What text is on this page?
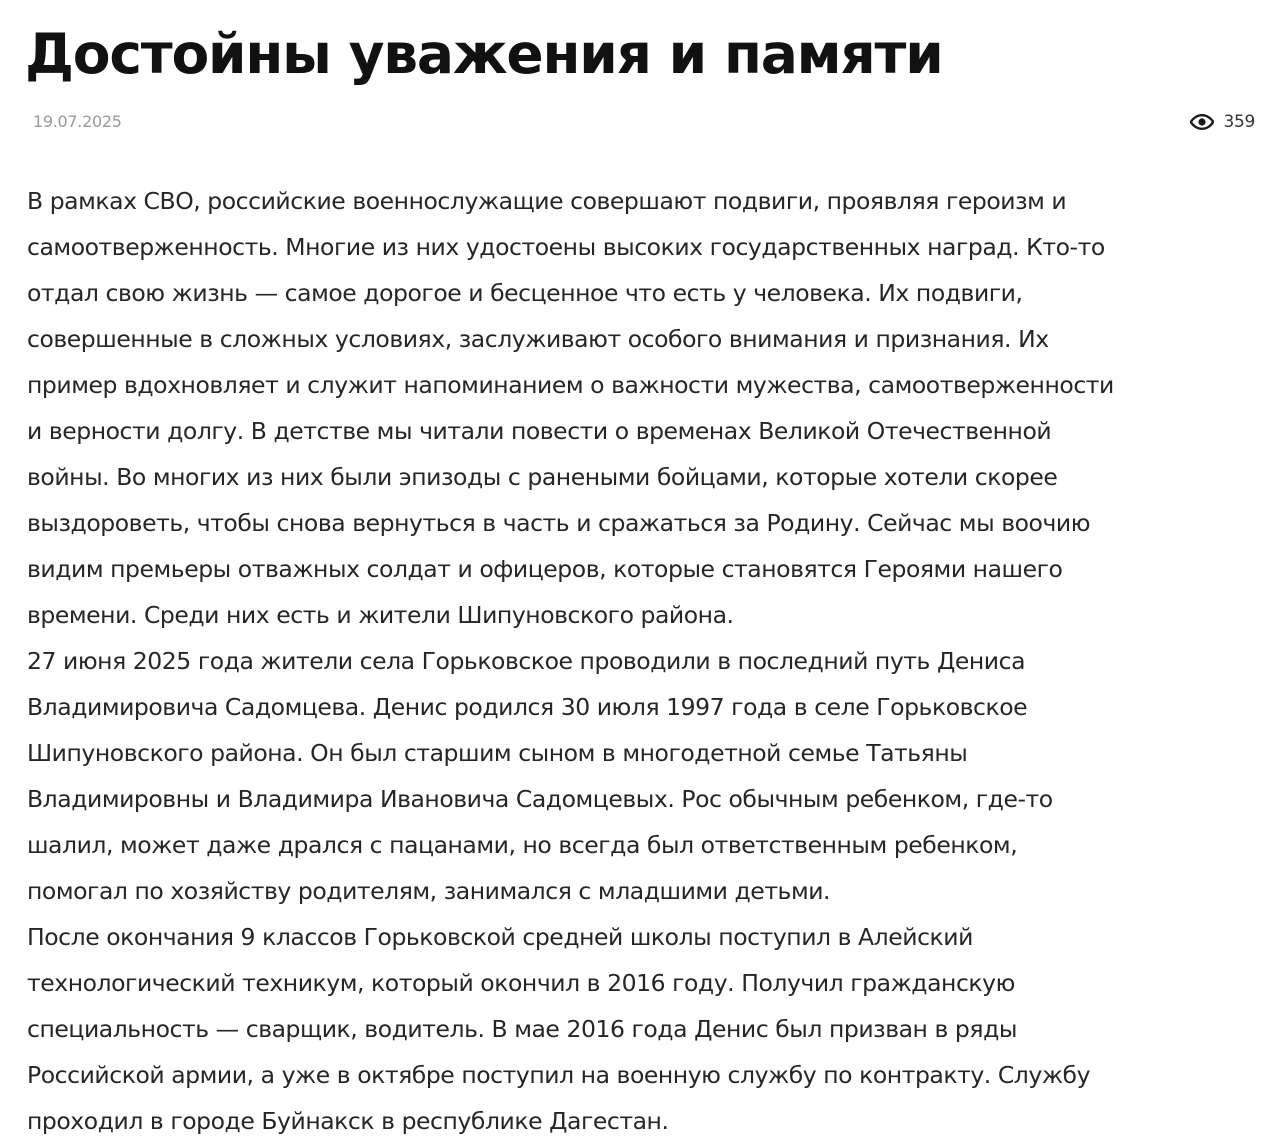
Достойны уважения и памяти
19.07.2025	359

В рамках СВО, российские военнослужащие совершают подвиги, проявляя героизм и
самоотверженность. Многие из них удостоены высоких государственных наград. Кто-то
отдал свою жизнь — самое дорогое и бесценное что есть у человека. Их подвиги,
совершенные в сложных условиях, заслуживают особого внимания и признания. Их
пример вдохновляет и служит напоминанием о важности мужества, самоотверженности
и верности долгу. В детстве мы читали повести о временах Великой Отечественной
войны. Во многих из них были эпизоды с ранеными бойцами, которые хотели скорее
выздороветь, чтобы снова вернуться в часть и сражаться за Родину. Сейчас мы воочию
видим премьеры отважных солдат и офицеров, которые становятся Героями нашего
времени. Среди них есть и жители Шипуновского района.

27 июня 2025 года жители села Горьковское проводили в последний путь Дениса
Владимировича Садомцева. Денис родился 30 июля 1997 года в селе Горьковское
Шипуновского района. Он был старшим сыном в многодетной семье Татьяны
Владимировны и Владимира Ивановича Садомцевых. Рос обычным ребенком, где-то
шалил, может даже дрался с пацанами, но всегда был ответственным ребенком,
помогал по хозяйству родителям, занимался с младшими детьми.

После окончания 9 классов Горьковской средней школы поступил в Алейский
технологический техникум, который окончил в 2016 году. Получил гражданскую
специальность — сварщик, водитель. В мае 2016 года Денис был призван в ряды
Российской армии, а уже в октябре поступил на военную службу по контракту. Службу
проходил в городе Буйнакск в республике Дагестан.
